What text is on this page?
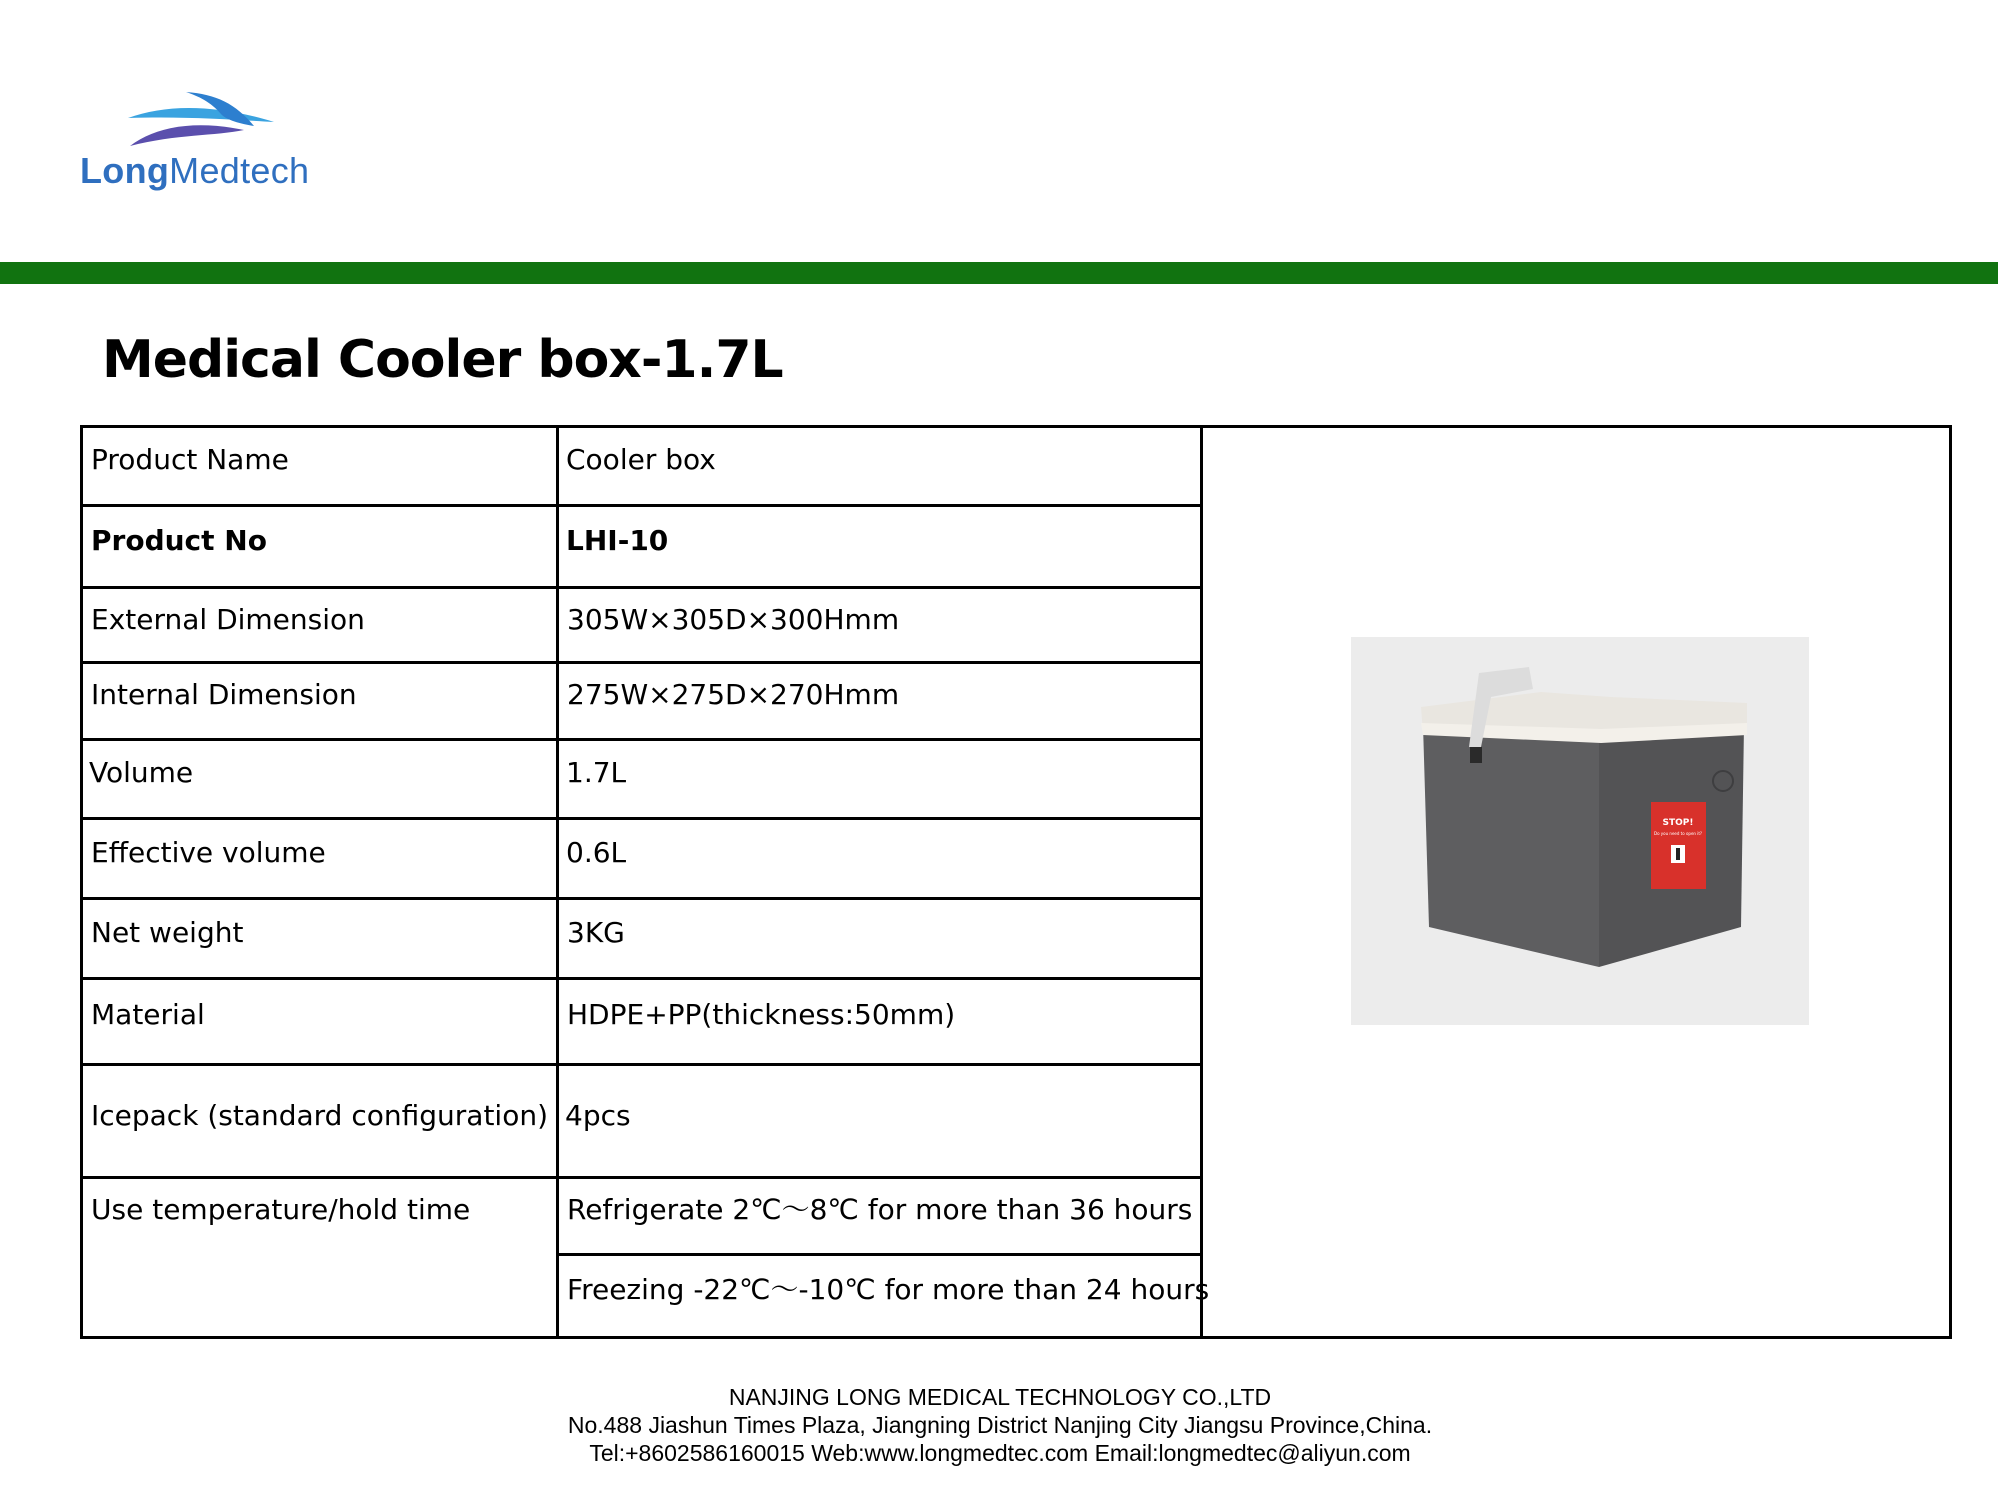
LongMedtech
Medical Cooler box-1.7L
Product Name
Product No
External Dimension
Internal Dimension
Volume
Effective volume
Net weight
Material
Icepack (standard configuration)
Use temperature/hold time
Cooler box
LHI-10
305W×305D×300Hmm
275W×275D×270Hmm
1.7L
0.6L
3KG
HDPE+PP(thickness:50mm)
4pcs
Refrigerate 2℃～8℃ for more than 36 hours
Freezing -22℃～-10℃ for more than 24 hours
STOP!
Do you need to open it?
NANJING LONG MEDICAL TECHNOLOGY CO.,LTD
No.488 Jiashun Times Plaza, Jiangning District Nanjing City Jiangsu Province,China.
Tel:+8602586160015 Web:www.longmedtec.com Email:longmedtec@aliyun.com
